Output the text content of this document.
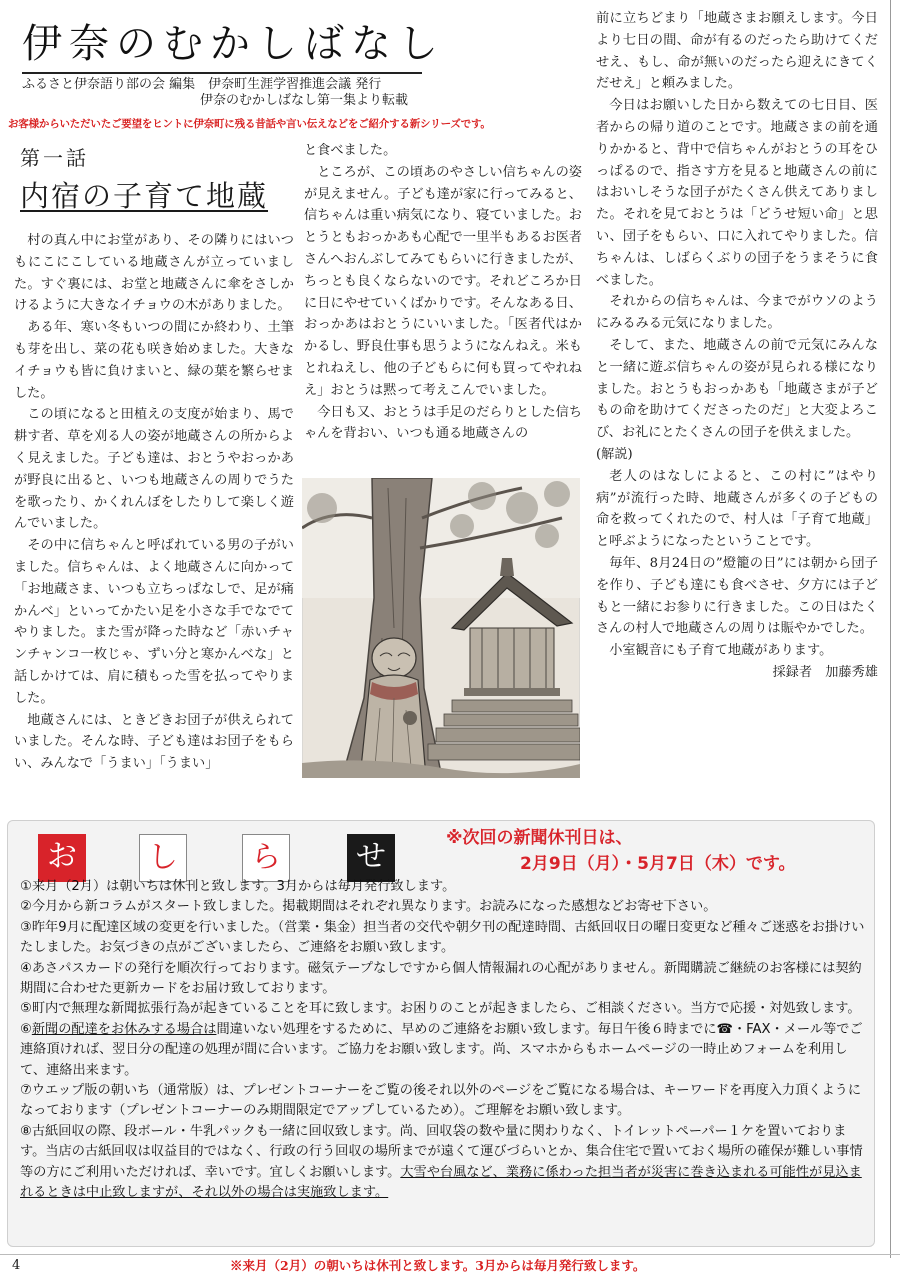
伊奈のむかしばなし
ふるさと伊奈語り部の会 編集　伊奈町生涯学習推進会議 発行
伊奈のむかしばなし第一集より転載
お客様からいただいたご要望をヒントに伊奈町に残る昔話や言い伝えなどをご紹介する新シリーズです。
第一話
内宿の子育て地蔵

村の真ん中にお堂があり、その隣りにはいつもにこにこしている地蔵さんが立っていました。すぐ裏には、お堂と地蔵さんに傘をさしかけるように大きなイチョウの木がありました。

ある年、寒い冬もいつの間にか終わり、土筆も芽を出し、菜の花も咲き始めました。大きなイチョウも皆に負けまいと、緑の葉を繁らせました。

この頃になると田植えの支度が始まり、馬で耕す者、草を刈る人の姿が地蔵さんの所からよく見えました。子ども達は、おとうやおっかあが野良に出ると、いつも地蔵さんの周りでうたを歌ったり、かくれんぼをしたりして楽しく遊んでいました。

その中に信ちゃんと呼ばれている男の子がいました。信ちゃんは、よく地蔵さんに向かって「お地蔵さま、いつも立ちっぱなしで、足が痛かんべ」といってかたい足を小さな手でなでてやりました。また雪が降った時など「赤いチャンチャンコ一枚じゃ、ずい分と寒かんべな」と話しかけては、肩に積もった雪を払ってやりました。

地蔵さんには、ときどきお団子が供えられていました。そんな時、子ども達はお団子をもらい、みんなで「うまい」「うまい」

と食べました。

ところが、この頃あのやさしい信ちゃんの姿が見えません。子ども達が家に行ってみると、信ちゃんは重い病気になり、寝ていました。おとうともおっかあも心配で一里半もあるお医者さんへおんぶしてみてもらいに行きましたが、ちっとも良くならないのです。それどころか日に日にやせていくばかりです。そんなある日、おっかあはおとうにいいました。「医者代はかかるし、野良仕事も思うようになんねえ。米もとれねえし、他の子どもらに何も買ってやれねえ」おとうは黙って考えこんでいました。

今日も又、おとうは手足のだらりとした信ちゃんを背おい、いつも通る地蔵さんの

前に立ちどまり「地蔵さまお願えします。今日より七日の間、命が有るのだったら助けてくだせえ、もし、命が無いのだったら迎えにきてくだせえ」と頼みました。

今日はお願いした日から数えての七日目、医者からの帰り道のことです。地蔵さまの前を通りかかると、背中で信ちゃんがおとうの耳をひっぱるので、指さす方を見ると地蔵さんの前にはおいしそうな団子がたくさん供えてありました。それを見ておとうは「どうせ短い命」と思い、団子をもらい、口に入れてやりました。信ちゃんは、しばらくぶりの団子をうまそうに食べました。

それからの信ちゃんは、今までがウソのようにみるみる元気になりました。

そして、また、地蔵さんの前で元気にみんなと一緒に遊ぶ信ちゃんの姿が見られる様になりました。おとうもおっかあも「地蔵さまが子どもの命を助けてくださったのだ」と大変よろこび、お礼にとたくさんの団子を供えました。

(解説)

老人のはなしによると、この村に”はやり病”が流行った時、地蔵さんが多くの子どもの命を救ってくれたので、村人は「子育て地蔵」と呼ぶようになったということです。

毎年、8月24日の”燈籠の日”には朝から団子を作り、子ども達にも食べさせ、夕方には子どもと一緒にお参りに行きました。この日はたくさんの村人で地蔵さんの周りは賑やかでした。

小室観音にも子育て地蔵があります。

採録者　加藤秀雄

お	し	ら	せ
※次回の新聞休刊日は、
2月9日（月）・5月7日（木）です。

①来月（2月）は朝いちは休刊と致します。3月からは毎月発行致します。

②今月から新コラムがスタート致しました。掲載期間はそれぞれ異なります。お読みになった感想などお寄せ下さい。

③昨年9月に配達区域の変更を行いました。（営業・集金）担当者の交代や朝夕刊の配達時間、古紙回収日の曜日変更など種々ご迷惑をお掛けいたしました。お気づきの点がございましたら、ご連絡をお願い致します。

④あさパスカードの発行を順次行っております。磁気テープなしですから個人情報漏れの心配がありません。新聞購読ご継続のお客様には契約期間に合わせた更新カードをお届け致しております。

⑤町内で無理な新聞拡張行為が起きていることを耳に致します。お困りのことが起きましたら、ご相談ください。当方で応援・対処致します。

⑥新聞の配達をお休みする場合は間違いない処理をするために、早めのご連絡をお願い致します。毎日午後６時までに☎・FAX・メール等でご連絡頂ければ、翌日分の配達の処理が間に合います。ご協力をお願い致します。尚、スマホからもホームページの一時止めフォームを利用して、連絡出来ます。

⑦ウエップ版の朝いち（通常版）は、プレゼントコーナーをご覧の後それ以外のページをご覧になる場合は、キーワードを再度入力頂くようになっております（プレゼントコーナーのみ期間限定でアップしているため）。ご理解をお願い致します。

⑧古紙回収の際、段ボール・牛乳パックも一緒に回収致します。尚、回収袋の数や量に関わりなく、トイレットペーパー１ケを置いております。当店の古紙回収は収益目的ではなく、行政の行う回収の場所までが遠くて運びづらいとか、集合住宅で置いておく場所の確保が難しい事情等の方にご利用いただければ、幸いです。宜しくお願いします。大雪や台風など、業務に係わった担当者が災害に巻き込まれる可能性が見込まれるときは中止致しますが、それ以外の場合は実施致します。

4	※来月（2月）の朝いちは休刊と致します。3月からは毎月発行致します。
